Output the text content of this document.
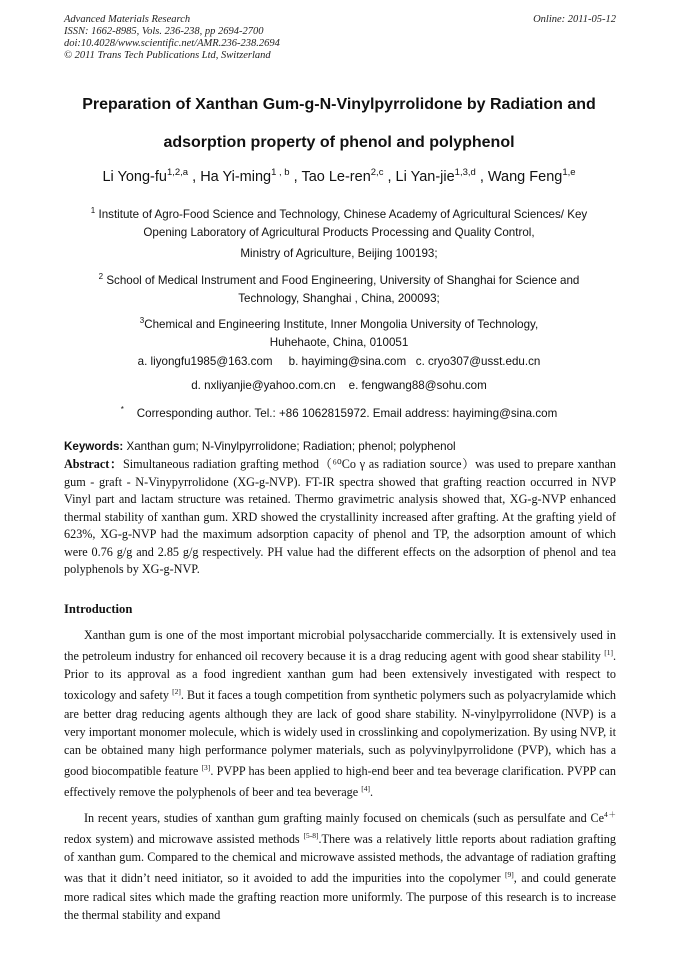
Advanced Materials Research
ISSN: 1662-8985, Vols. 236-238, pp 2694-2700
doi:10.4028/www.scientific.net/AMR.236-238.2694
© 2011 Trans Tech Publications Ltd, Switzerland
Online: 2011-05-12
Preparation of Xanthan Gum-g-N-Vinylpyrrolidone by Radiation and
adsorption property of phenol and polyphenol
Li Yong-fu$^{1,2,a}$ , Ha Yi-ming$^{1 , b}$ , Tao Le-ren$^{2,c}$ , Li Yan-jie$^{1,3,d}$ , Wang Feng$^{1,e}$
$^1$ Institute of Agro-Food Science and Technology, Chinese Academy of Agricultural Sciences/ Key
Opening Laboratory of Agricultural Products Processing and Quality Control,
Ministry of Agriculture, Beijing 100193;
$^2$ School of Medical Instrument and Food Engineering, University of Shanghai for Science and
Technology, Shanghai , China, 200093;
$^3$Chemical and Engineering Institute, Inner Mongolia University of Technology,
Huhehaote, China, 010051
a. liyongfu1985@163.com     b. hayiming@sina.com   c. cryo307@usst.edu.cn
d. nxliyanjie@yahoo.com.cn    e. fengwang88@sohu.com
* Corresponding author. Tel.: +86 1062815972. Email address: hayiming@sina.com
Keywords: Xanthan gum; N-Vinylpyrrolidone; Radiation; phenol; polyphenol
Abstract：Simultaneous radiation grafting method（⁶⁰Co γ as radiation source）was used to prepare xanthan gum - graft - N-Vinypyrrolidone (XG-g-NVP). FT-IR spectra showed that grafting reaction occurred in NVP Vinyl part and lactam structure was retained. Thermo gravimetric analysis showed that, XG-g-NVP enhanced thermal stability of xanthan gum. XRD showed the crystallinity increased after grafting. At the grafting yield of 623%, XG-g-NVP had the maximum adsorption capacity of phenol and TP, the adsorption amount of which were 0.76 g/g and 2.85 g/g respectively. PH value had the different effects on the adsorption of phenol and tea polyphenols by XG-g-NVP.
Introduction

Xanthan gum is one of the most important microbial polysaccharide commercially. It is extensively used in the petroleum industry for enhanced oil recovery because it is a drag reducing agent with good shear stability [1]. Prior to its approval as a food ingredient xanthan gum had been extensively investigated with respect to toxicology and safety [2]. But it faces a tough competition from synthetic polymers such as polyacrylamide which are better drag reducing agents although they are lack of good share stability. N-vinylpyrrolidone (NVP) is a very important monomer molecule, which is widely used in crosslinking and copolymerization. By using NVP, it can be obtained many high performance polymer materials, such as polyvinylpyrrolidone (PVP), which has a good biocompatible feature [3]. PVPP has been applied to high-end beer and tea beverage clarification. PVPP can effectively remove the polyphenols of beer and tea beverage [4].

In recent years, studies of xanthan gum grafting mainly focused on chemicals (such as persulfate and $Ce^{4+}$ redox system) and microwave assisted methods [5-8].There was a relatively little reports about radiation grafting of xanthan gum. Compared to the chemical and microwave assisted methods, the advantage of radiation grafting was that it didn’t need initiator, so it avoided to add the impurities into the copolymer [9], and could generate more radical sites which made the grafting reaction more uniformly. The purpose of this research is to increase the thermal stability and expand
